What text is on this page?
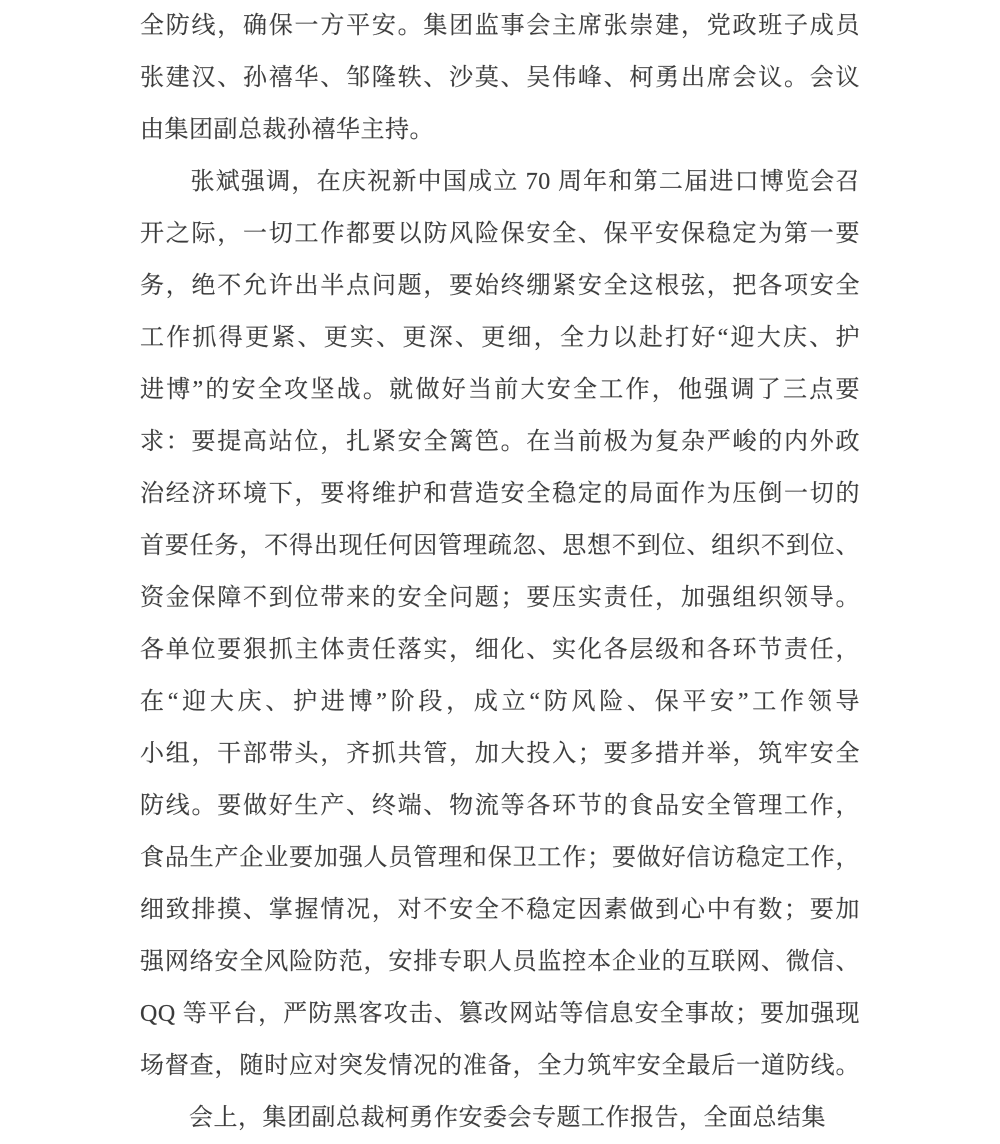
全防线，确保一方平安。集团监事会主席张崇建，党政班子成员
张建汉、孙禧华、邹隆轶、沙莫、吴伟峰、柯勇出席会议。会议
由集团副总裁孙禧华主持。
　　张斌强调，在庆祝新中国成立 70 周年和第二届进口博览会召
开之际，一切工作都要以防风险保安全、保平安保稳定为第一要
务，绝不允许出半点问题，要始终绷紧安全这根弦，把各项安全
工作抓得更紧、更实、更深、更细，全力以赴打好“迎大庆、护
进博”的安全攻坚战。就做好当前大安全工作，他强调了三点要
求：要提高站位，扎紧安全篱笆。在当前极为复杂严峻的内外政
治经济环境下，要将维护和营造安全稳定的局面作为压倒一切的
首要任务，不得出现任何因管理疏忽、思想不到位、组织不到位、
资金保障不到位带来的安全问题；要压实责任，加强组织领导。
各单位要狠抓主体责任落实，细化、实化各层级和各环节责任，
在“迎大庆、护进博”阶段，成立“防风险、保平安”工作领导
小组，干部带头，齐抓共管，加大投入；要多措并举，筑牢安全
防线。要做好生产、终端、物流等各环节的食品安全管理工作，
食品生产企业要加强人员管理和保卫工作；要做好信访稳定工作，
细致排摸、掌握情况，对不安全不稳定因素做到心中有数；要加
强网络安全风险防范，安排专职人员监控本企业的互联网、微信、
QQ 等平台，严防黑客攻击、篡改网站等信息安全事故；要加强现
场督查，随时应对突发情况的准备，全力筑牢安全最后一道防线。
　　会上，集团副总裁柯勇作安委会专题工作报告，全面总结集
